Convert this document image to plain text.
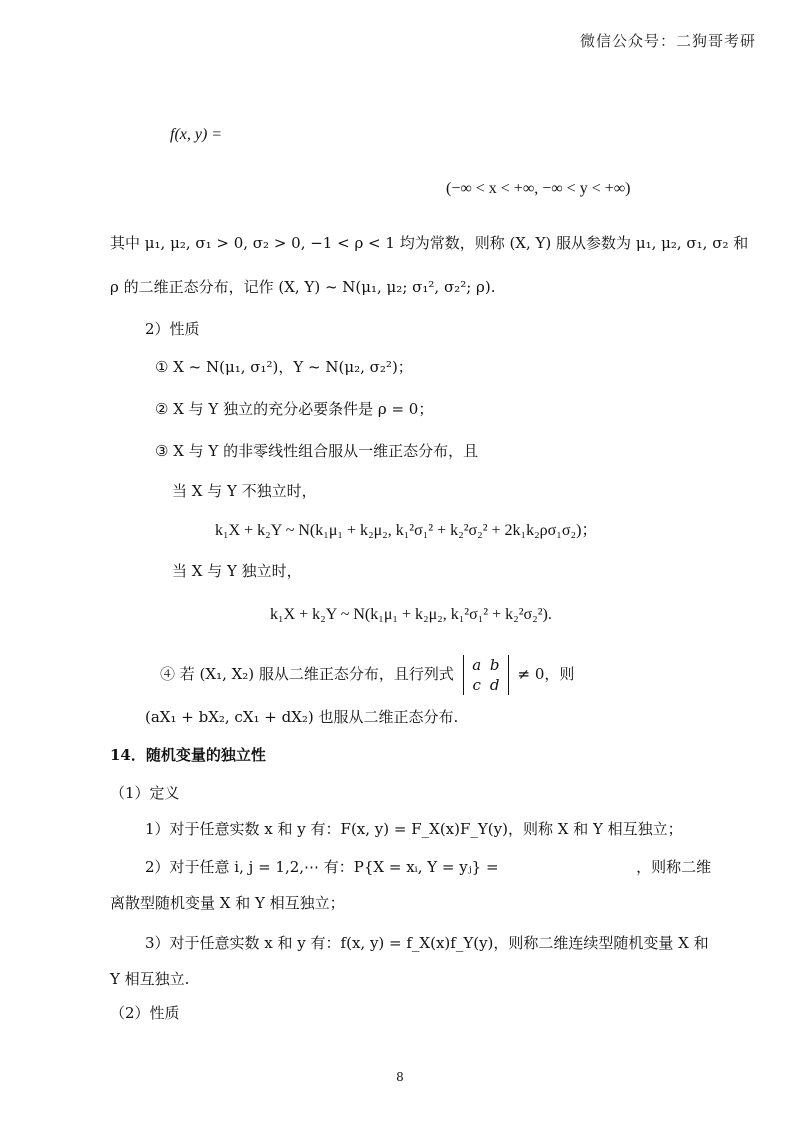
微信公众号：二狗哥考研
f(x, y) =
(−∞ < x < +∞, −∞ < y < +∞)
其中 μ₁, μ₂, σ₁ > 0, σ₂ > 0, −1 < ρ < 1 均为常数，则称 (X, Y) 服从参数为 μ₁, μ₂, σ₁, σ₂ 和
ρ 的二维正态分布，记作 (X, Y) ~ N(μ₁, μ₂; σ₁², σ₂²; ρ).
2）性质
① X ~ N(μ₁, σ₁²)，Y ~ N(μ₂, σ₂²)；
② X 与 Y 独立的充分必要条件是 ρ = 0；
③ X 与 Y 的非零线性组合服从一维正态分布，且
当 X 与 Y 不独立时，
k₁X + k₂Y ~ N(k₁μ₁ + k₂μ₂, k₁²σ₁² + k₂²σ₂² + 2k₁k₂ρσ₁σ₂)；
当 X 与 Y 独立时，
k₁X + k₂Y ~ N(k₁μ₁ + k₂μ₂, k₁²σ₁² + k₂²σ₂²).
④ 若 (X₁, X₂) 服从二维正态分布，且行列式 a b
c d ≠ 0，则
(aX₁ + bX₂, cX₁ + dX₂) 也服从二维正态分布.
14．随机变量的独立性
（1）定义
1）对于任意实数 x 和 y 有：F(x, y) = F_X(x)F_Y(y)，则称 X 和 Y 相互独立；
2）对于任意 i, j = 1,2,⋯ 有：P{X = xᵢ, Y = yⱼ} =	，则称二维
离散型随机变量 X 和 Y 相互独立；
3）对于任意实数 x 和 y 有：f(x, y) = f_X(x)f_Y(y)，则称二维连续型随机变量 X 和
Y 相互独立.
（2）性质
8
